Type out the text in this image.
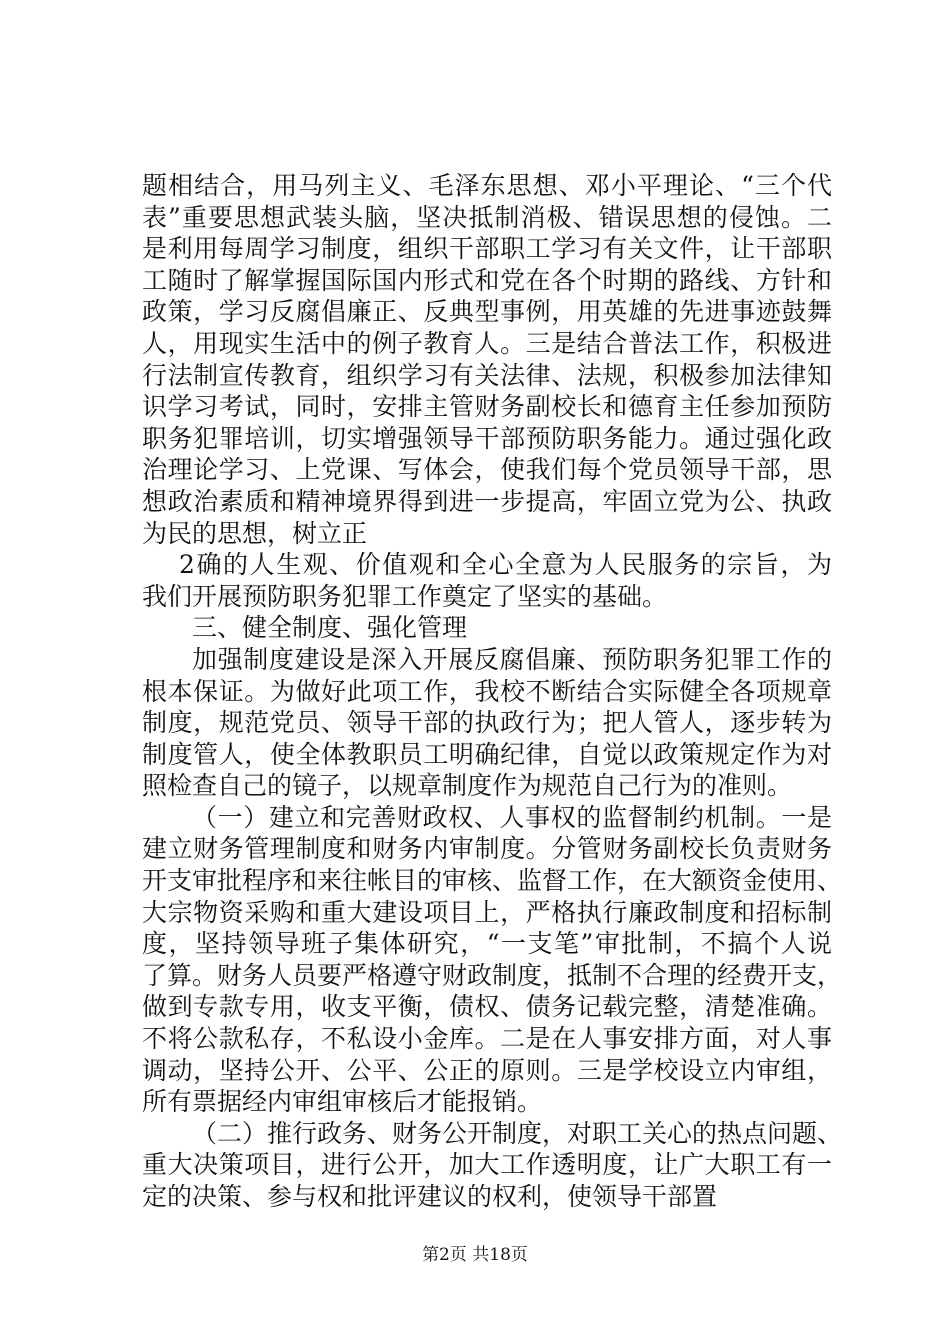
题相结合，用马列主义、毛泽东思想、邓小平理论、“三个代
表”重要思想武装头脑，坚决抵制消极、错误思想的侵蚀。二
是利用每周学习制度，组织干部职工学习有关文件，让干部职
工随时了解掌握国际国内形式和党在各个时期的路线、方针和
政策，学习反腐倡廉正、反典型事例，用英雄的先进事迹鼓舞
人，用现实生活中的例子教育人。三是结合普法工作，积极进
行法制宣传教育，组织学习有关法律、法规，积极参加法律知
识学习考试，同时，安排主管财务副校长和德育主任参加预防
职务犯罪培训，切实增强领导干部预防职务能力。通过强化政
治理论学习、上党课、写体会，使我们每个党员领导干部，思
想政治素质和精神境界得到进一步提高，牢固立党为公、执政
为民的思想，树立正
2确的人生观、价值观和全心全意为人民服务的宗旨，为
我们开展预防职务犯罪工作奠定了坚实的基础。
三、健全制度、强化管理
加强制度建设是深入开展反腐倡廉、预防职务犯罪工作的
根本保证。为做好此项工作，我校不断结合实际健全各项规章
制度，规范党员、领导干部的执政行为；把人管人，逐步转为
制度管人，使全体教职员工明确纪律，自觉以政策规定作为对
照检查自己的镜子，以规章制度作为规范自己行为的准则。
（一）建立和完善财政权、人事权的监督制约机制。一是
建立财务管理制度和财务内审制度。分管财务副校长负责财务
开支审批程序和来往帐目的审核、监督工作，在大额资金使用、
大宗物资采购和重大建设项目上，严格执行廉政制度和招标制
度，坚持领导班子集体研究，“一支笔”审批制，不搞个人说
了算。财务人员要严格遵守财政制度，抵制不合理的经费开支，
做到专款专用，收支平衡，债权、债务记载完整，清楚准确。
不将公款私存，不私设小金库。二是在人事安排方面，对人事
调动，坚持公开、公平、公正的原则。三是学校设立内审组，
所有票据经内审组审核后才能报销。
（二）推行政务、财务公开制度，对职工关心的热点问题、
重大决策项目，进行公开，加大工作透明度，让广大职工有一
定的决策、参与权和批评建议的权利，使领导干部置
第2页 共18页
